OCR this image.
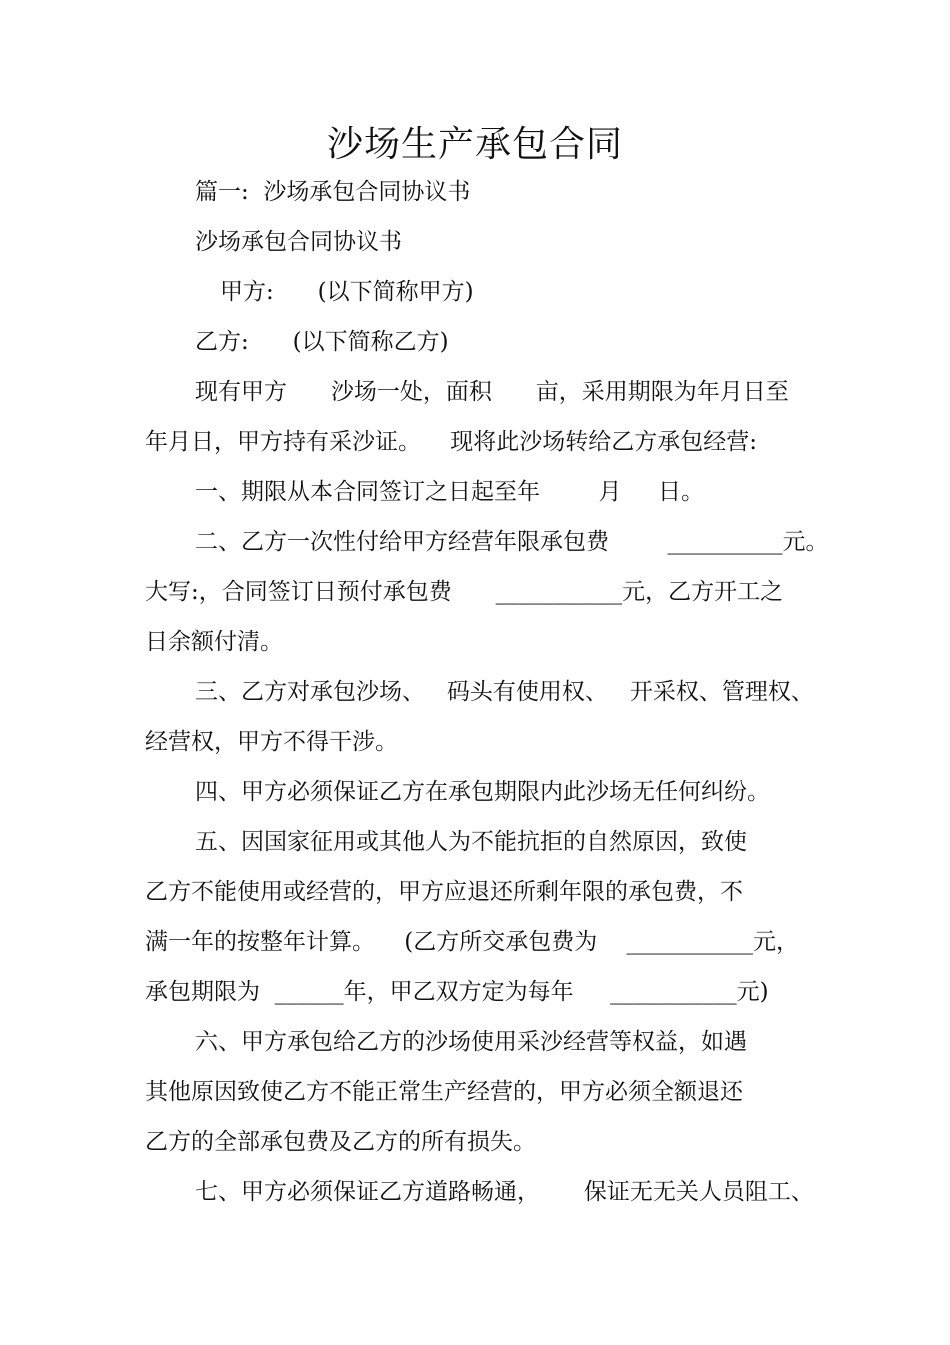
沙场生产承包合同
篇一:  沙场承包合同协议书
沙场承包合同协议书
甲方:      (以下简称甲方)
乙方:      (以下简称乙方)
现有甲方      沙场一处，面积      亩，采用期限为年月日至
年月日，甲方持有采沙证。    现将此沙场转给乙方承包经营:
一、期限从本合同签订之日起至年        月     日。
二、乙方一次性付给甲方经营年限承包费        __________元。
大写:，合同签订日预付承包费      ___________元，乙方开工之
日余额付清。
三、乙方对承包沙场、   码头有使用权、   开采权、管理权、
经营权，甲方不得干涉。
四、甲方必须保证乙方在承包期限内此沙场无任何纠纷。
五、因国家征用或其他人为不能抗拒的自然原因，致使
乙方不能使用或经营的，甲方应退还所剩年限的承包费，不
满一年的按整年计算。    (乙方所交承包费为    ___________元，
承包期限为  ______年，甲乙双方定为每年     ___________元)
六、甲方承包给乙方的沙场使用采沙经营等权益，如遇
其他原因致使乙方不能正常生产经营的，甲方必须全额退还
乙方的全部承包费及乙方的所有损失。
七、甲方必须保证乙方道路畅通，      保证无无关人员阻工、
